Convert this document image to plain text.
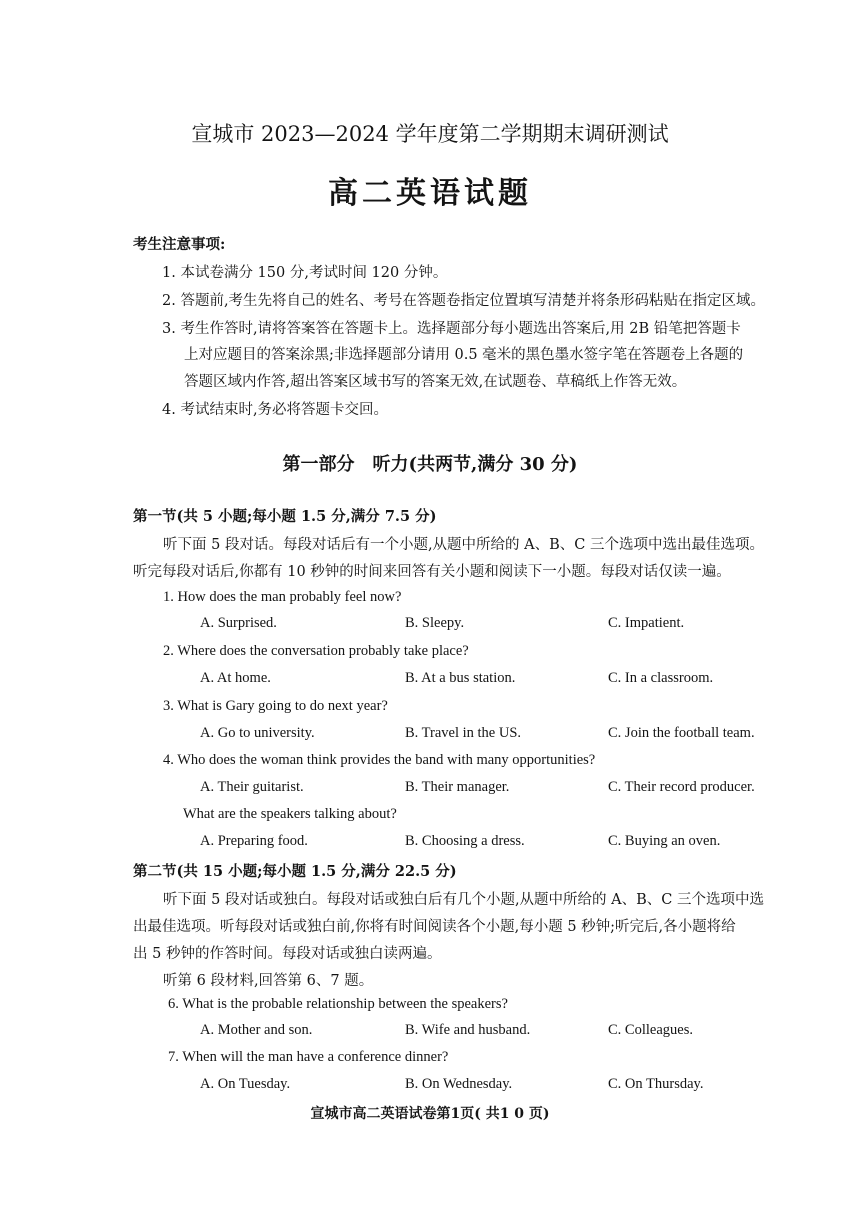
宣城市 2023—2024 学年度第二学期期末调研测试
高二英语试题
考生注意事项:
1. 本试卷满分 150 分,考试时间 120 分钟。
2. 答题前,考生先将自己的姓名、考号在答题卷指定位置填写清楚并将条形码粘贴在指定区域。
3. 考生作答时,请将答案答在答题卡上。选择题部分每小题选出答案后,用 2B 铅笔把答题卡
上对应题目的答案涂黑;非选择题部分请用 0.5 毫米的黑色墨水签字笔在答题卷上各题的
答题区域内作答,超出答案区域书写的答案无效,在试题卷、草稿纸上作答无效。
4. 考试结束时,务必将答题卡交回。
第一部分　听力(共两节,满分 30 分)
第一节(共 5 小题;每小题 1.5 分,满分 7.5 分)
听下面 5 段对话。每段对话后有一个小题,从题中所给的 A、B、C 三个选项中选出最佳选项。
听完每段对话后,你都有 10 秒钟的时间来回答有关小题和阅读下一小题。每段对话仅读一遍。
1. How does the man probably feel now?
A. Surprised.	B. Sleepy.	C. Impatient.
2. Where does the conversation probably take place?
A. At home.	B. At a bus station.	C. In a classroom.
3. What is Gary going to do next year?
A. Go to university.	B. Travel in the US.	C. Join the football team.
4. Who does the woman think provides the band with many opportunities?
A. Their guitarist.	B. Their manager.	C. Their record producer.
What are the speakers talking about?
A. Preparing food.	B. Choosing a dress.	C. Buying an oven.
第二节(共 15 小题;每小题 1.5 分,满分 22.5 分)
听下面 5 段对话或独白。每段对话或独白后有几个小题,从题中所给的 A、B、C 三个选项中选
出最佳选项。听每段对话或独白前,你将有时间阅读各个小题,每小题 5 秒钟;听完后,各小题将给
出 5 秒钟的作答时间。每段对话或独白读两遍。
听第 6 段材料,回答第 6、7 题。
6. What is the probable relationship between the speakers?
A. Mother and son.	B. Wife and husband.	C. Colleagues.
7. When will the man have a conference dinner?
A. On Tuesday.	B. On Wednesday.	C. On Thursday.
宣城市高二英语试卷第1页( 共1 0 页)
